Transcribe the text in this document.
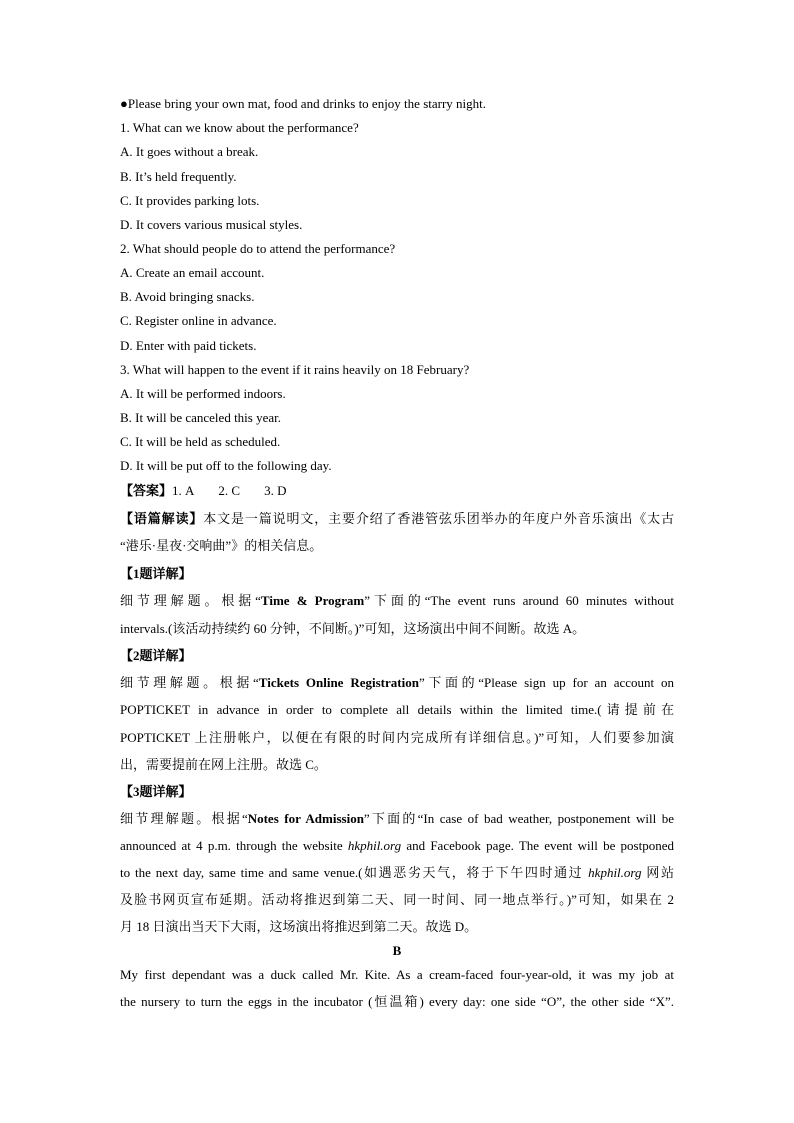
●Please bring your own mat, food and drinks to enjoy the starry night.
1. What can we know about the performance?
A. It goes without a break.
B. It’s held frequently.
C. It provides parking lots.
D. It covers various musical styles.
2. What should people do to attend the performance?
A. Create an email account.
B. Avoid bringing snacks.
C. Register online in advance.
D. Enter with paid tickets.
3. What will happen to the event if it rains heavily on 18 February?
A. It will be performed indoors.
B. It will be canceled this year.
C. It will be held as scheduled.
D. It will be put off to the following day.
【答案】1. A 2. C 3. D
【语篇解读】本文是一篇说明文，主要介绍了香港管弦乐团举办的年度户外音乐演出《太古
“港乐·星夜·交响曲”》的相关信息。
【1题详解】
细节理解题。根据“Time & Program”下面的“The event runs around 60 minutes without
intervals.(该活动持续约 60 分钟，不间断。)”可知，这场演出中间不间断。故选 A。
【2题详解】
细节理解题。根据“Tickets Online Registration”下面的“Please sign up for an account on
POPTICKET in advance in order to complete all details within the limited time.(请提前在
POPTICKET 上注册帐户，以便在有限的时间内完成所有详细信息。)”可知，人们要参加演
出，需要提前在网上注册。故选 C。
【3题详解】
细节理解题。根据“Notes for Admission”下面的“In case of bad weather, postponement will be
announced at 4 p.m. through the website hkphil.org and Facebook page. The event will be postponed
to the next day, same time and same venue.(如遇恶劣天气，将于下午四时通过 hkphil.org 网站
及脸书网页宣布延期。活动将推迟到第二天、同一时间、同一地点举行。)”可知，如果在 2
月 18 日演出当天下大雨，这场演出将推迟到第二天。故选 D。
B
My first dependant was a duck called Mr. Kite. As a cream-faced four-year-old, it was my job at
the nursery to turn the eggs in the incubator (恒温箱) every day: one side “O”, the other side “X”.
